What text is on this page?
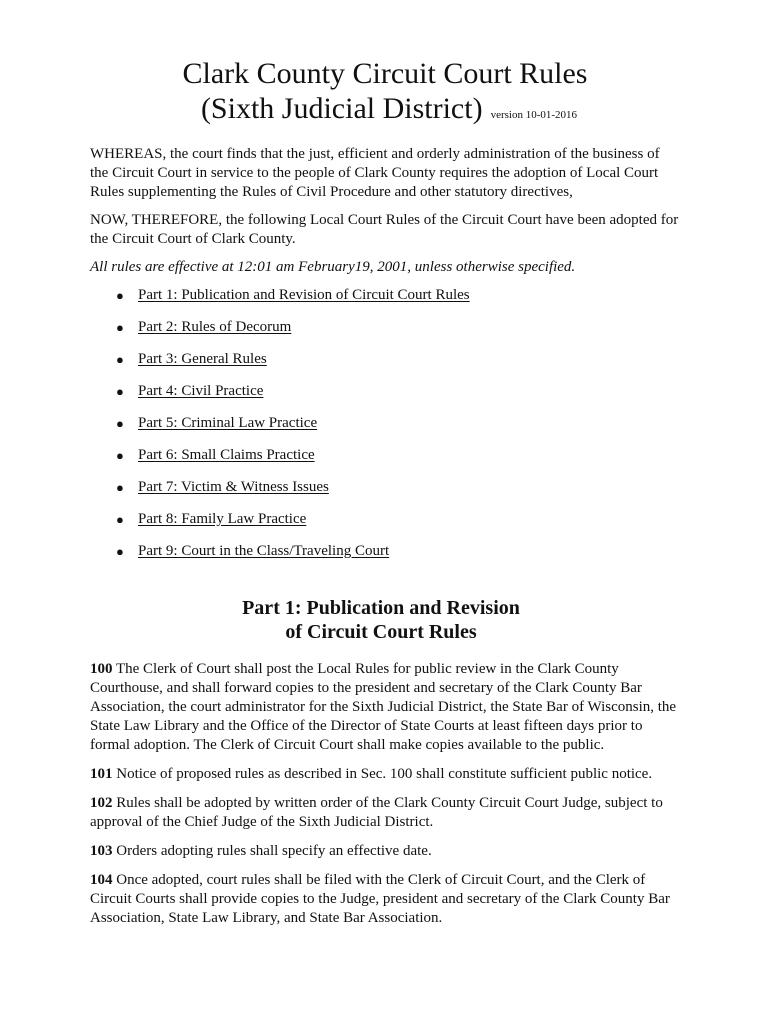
Clark County Circuit Court Rules
(Sixth Judicial District) version 10-01-2016

WHEREAS, the court finds that the just, efficient and orderly administration of the business of the Circuit Court in service to the people of Clark County requires the adoption of Local Court Rules supplementing the Rules of Civil Procedure and other statutory directives,

NOW, THEREFORE, the following Local Court Rules of the Circuit Court have been adopted for the Circuit Court of Clark County.

All rules are effective at 12:01 am February19, 2001, unless otherwise specified.

● Part 1: Publication and Revision of Circuit Court Rules
● Part 2: Rules of Decorum
● Part 3: General Rules
● Part 4: Civil Practice
● Part 5: Criminal Law Practice
● Part 6: Small Claims Practice
● Part 7: Victim & Witness Issues
● Part 8: Family Law Practice
● Part 9: Court in the Class/Traveling Court
Part 1: Publication and Revision
of Circuit Court Rules

100 The Clerk of Court shall post the Local Rules for public review in the Clark County Courthouse, and shall forward copies to the president and secretary of the Clark County Bar Association, the court administrator for the Sixth Judicial District, the State Bar of Wisconsin, the State Law Library and the Office of the Director of State Courts at least fifteen days prior to formal adoption. The Clerk of Circuit Court shall make copies available to the public.

101 Notice of proposed rules as described in Sec. 100 shall constitute sufficient public notice.

102 Rules shall be adopted by written order of the Clark County Circuit Court Judge, subject to approval of the Chief Judge of the Sixth Judicial District.

103 Orders adopting rules shall specify an effective date.

104 Once adopted, court rules shall be filed with the Clerk of Circuit Court, and the Clerk of Circuit Courts shall provide copies to the Judge, president and secretary of the Clark County Bar Association, State Law Library, and State Bar Association.
